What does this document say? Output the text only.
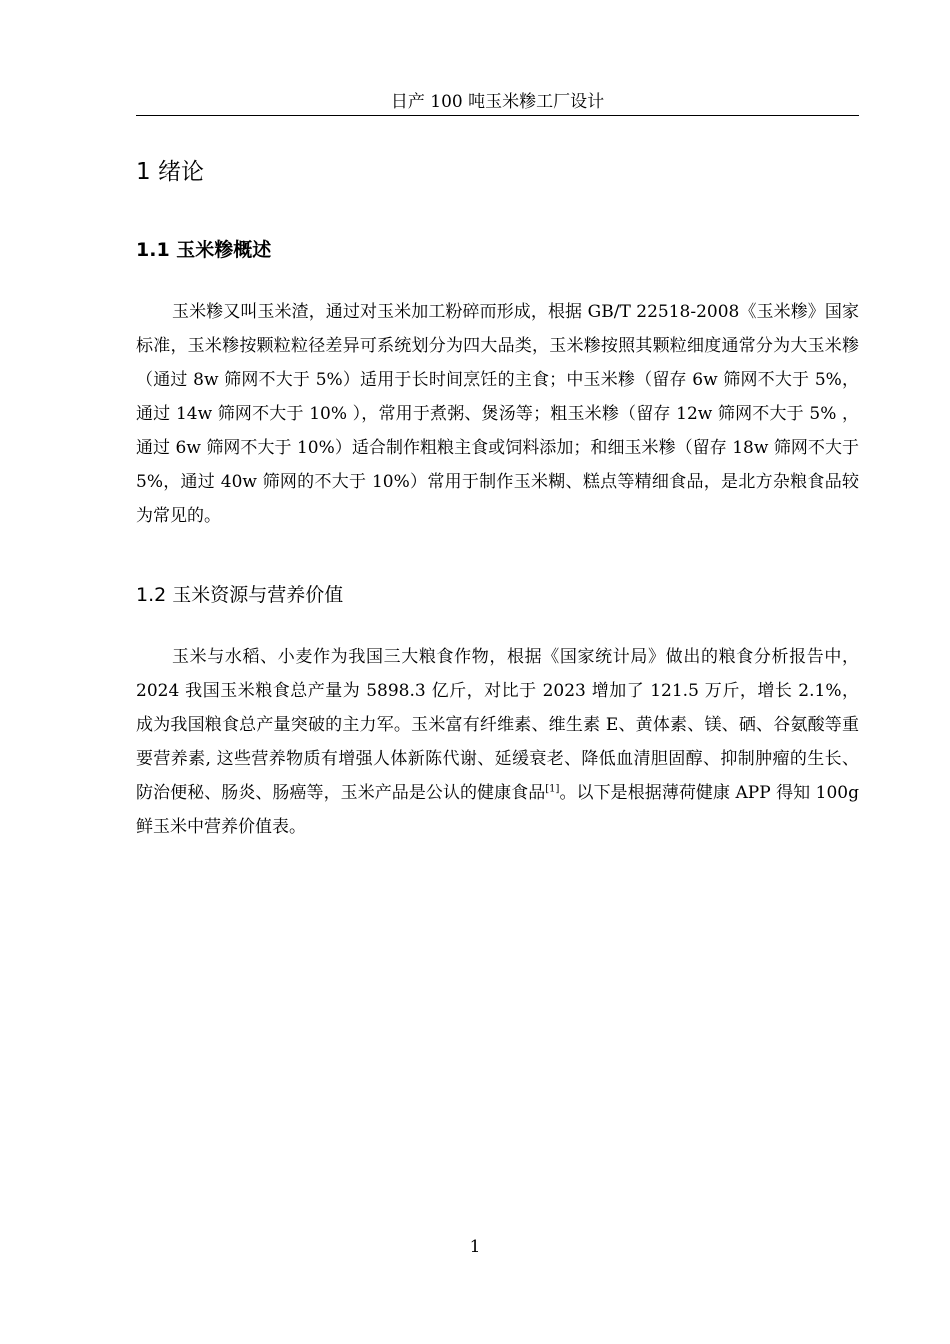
日产 100 吨玉米糁工厂设计
1 绪论
1.1 玉米糁概述

玉米糁又叫玉米渣，通过对玉米加工粉碎而形成，根据 GB/T 22518-2008《玉米糁》国家标准，玉米糁按颗粒粒径差异可系统划分为四大品类，玉米糁按照其颗粒细度通常分为大玉米糁（通过 8w 筛网不大于 5%）适用于长时间烹饪的主食；中玉米糁（留存 6w 筛网不大于 5%，通过 14w 筛网不大于 10% ），常用于煮粥、煲汤等；粗玉米糁（留存 12w 筛网不大于 5% ，通过 6w 筛网不大于 10%）适合制作粗粮主食或饲料添加；和细玉米糁（留存 18w 筛网不大于 5%，通过 40w 筛网的不大于 10%）常用于制作玉米糊、糕点等精细食品，是北方杂粮食品较为常见的。

1.2 玉米资源与营养价值

玉米与水稻、小麦作为我国三大粮食作物，根据《国家统计局》做出的粮食分析报告中，2024 我国玉米粮食总产量为 5898.3 亿斤，对比于 2023 增加了 121.5 万斤，增长 2.1%，成为我国粮食总产量突破的主力军。玉米富有纤维素、维生素 E、黄体素、镁、硒、谷氨酸等重要营养素, 这些营养物质有增强人体新陈代谢、延缓衰老、降低血清胆固醇、抑制肿瘤的生长、防治便秘、肠炎、肠癌等，玉米产品是公认的健康食品[1]。以下是根据薄荷健康 APP 得知 100g 鲜玉米中营养价值表。

1
